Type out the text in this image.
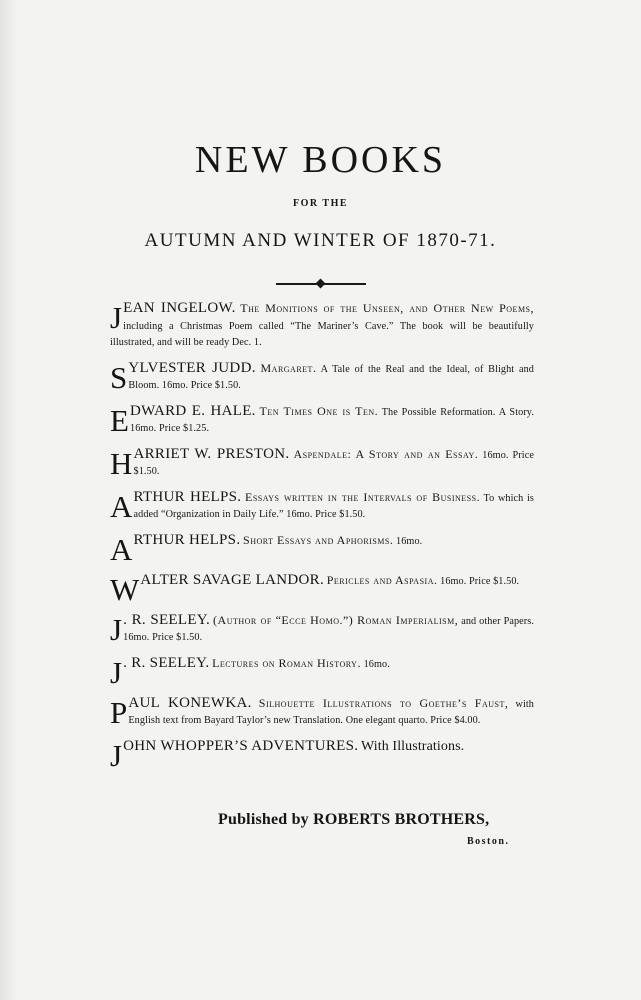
NEW BOOKS
FOR THE
AUTUMN AND WINTER OF 1870-71.

JEAN INGELOW. The Monitions of the Unseen, and Other New Poems, including a Christmas Poem called “The Mariner’s Cave.” The book will be beautifully illustrated, and will be ready Dec. 1.

SYLVESTER JUDD. Margaret. A Tale of the Real and the Ideal, of Blight and Bloom. 16mo. Price $1.50.

EDWARD E. HALE. Ten Times One is Ten. The Possible Reformation. A Story. 16mo. Price $1.25.

HARRIET W. PRESTON. Aspendale: A Story and an Essay. 16mo. Price $1.50.

ARTHUR HELPS. Essays written in the Intervals of Business. To which is added “Organization in Daily Life.” 16mo. Price $1.50.

ARTHUR HELPS. Short Essays and Aphorisms. 16mo.

WALTER SAVAGE LANDOR. Pericles and Aspasia. 16mo. Price $1.50.

J . R. SEELEY. (Author of “Ecce Homo.”) Roman Imperialism, and other Papers. 16mo. Price $1.50.

J . R. SEELEY. Lectures on Roman History. 16mo.

PAUL KONEWKA. Silhouette Illustrations to Goethe’s Faust, with English text from Bayard Taylor’s new Translation. One elegant quarto. Price $4.00.

JOHN WHOPPER’S ADVENTURES. With Illustrations.

Published by ROBERTS BROTHERS,
Boston.
